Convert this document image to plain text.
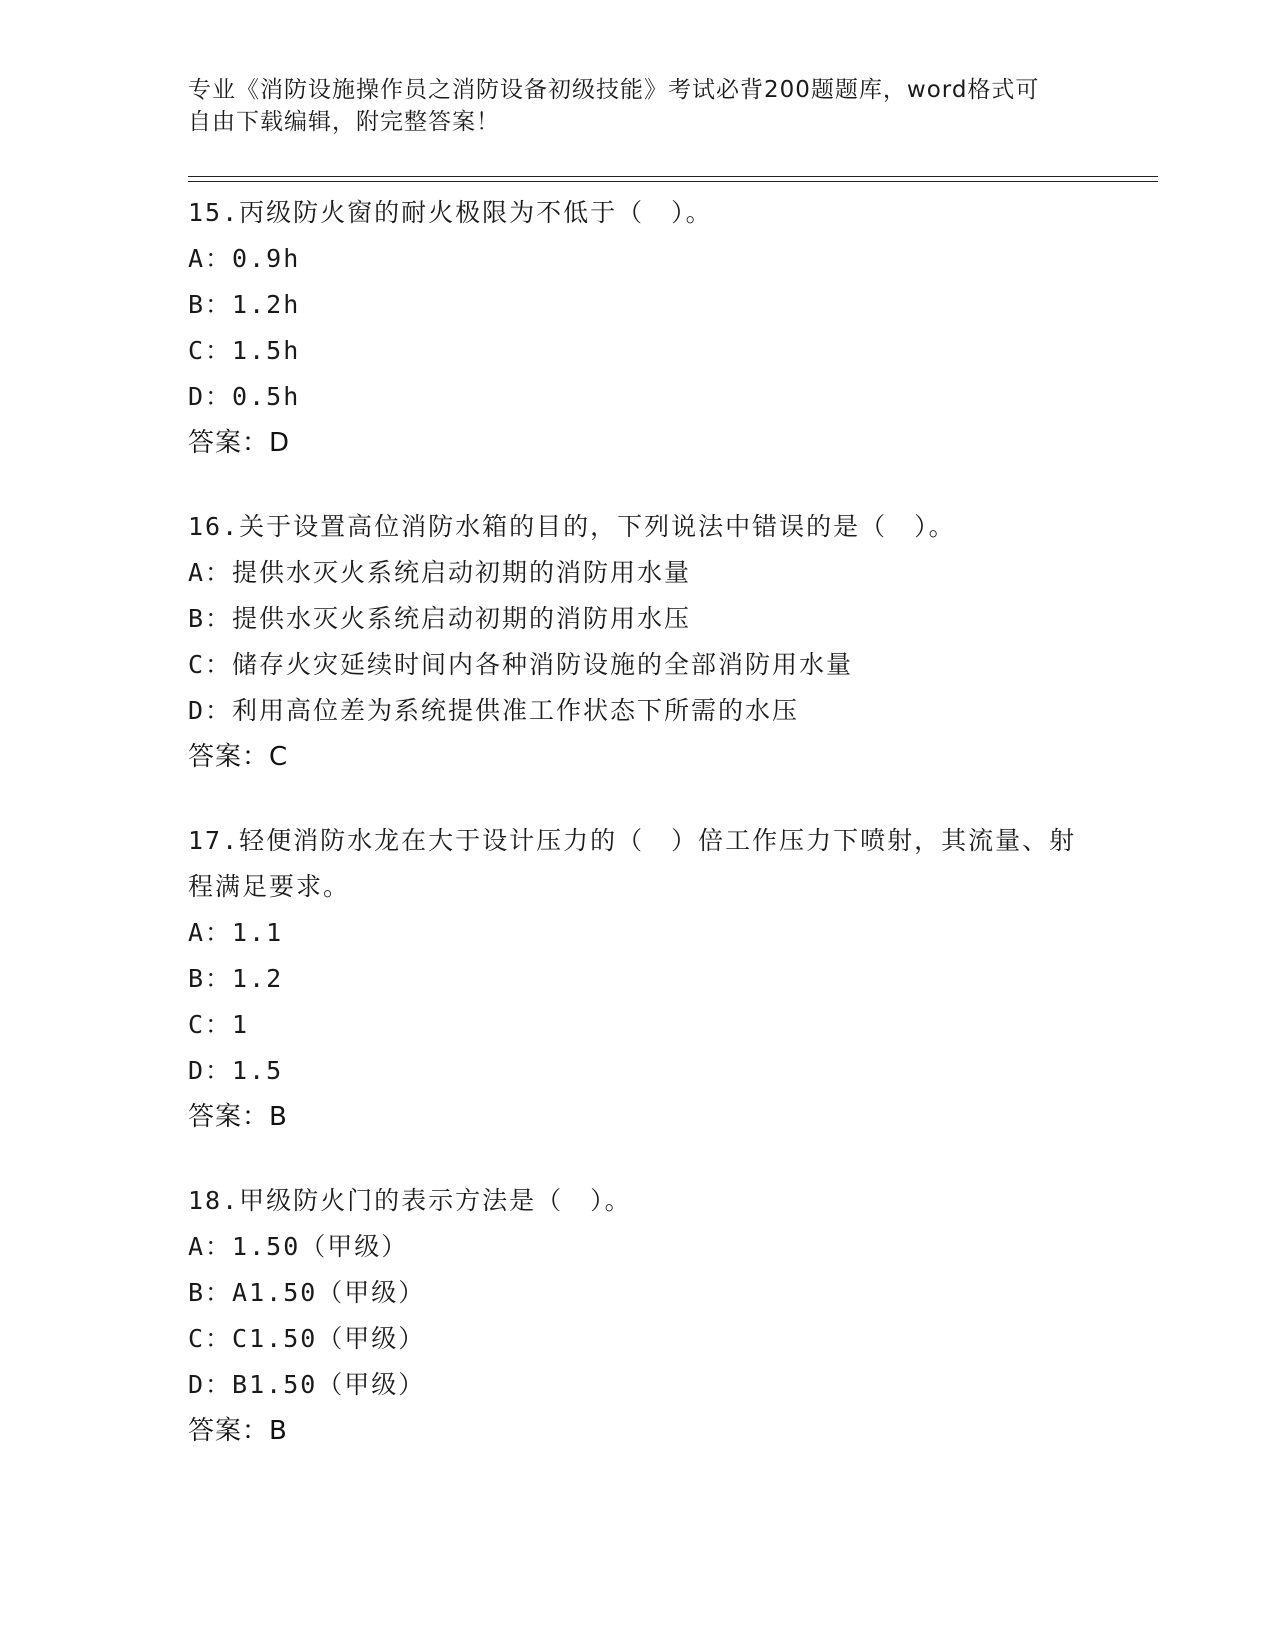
专业《消防设施操作员之消防设备初级技能》考试必背200题题库，word格式可
自由下载编辑，附完整答案！
15.丙级防火窗的耐火极限为不低于（　）。
A：0.9h
B：1.2h
C：1.5h
D：0.5h
答案：D
16.关于设置高位消防水箱的目的，下列说法中错误的是（　）。
A：提供水灭火系统启动初期的消防用水量
B：提供水灭火系统启动初期的消防用水压
C：储存火灾延续时间内各种消防设施的全部消防用水量
D：利用高位差为系统提供准工作状态下所需的水压
答案：C
17.轻便消防水龙在大于设计压力的（　）倍工作压力下喷射，其流量、射程满足要求。
A：1.1
B：1.2
C：1
D：1.5
答案：B
18.甲级防火门的表示方法是（　）。
A：1.50（甲级）
B：A1.50（甲级）
C：C1.50（甲级）
D：B1.50（甲级）
答案：B
